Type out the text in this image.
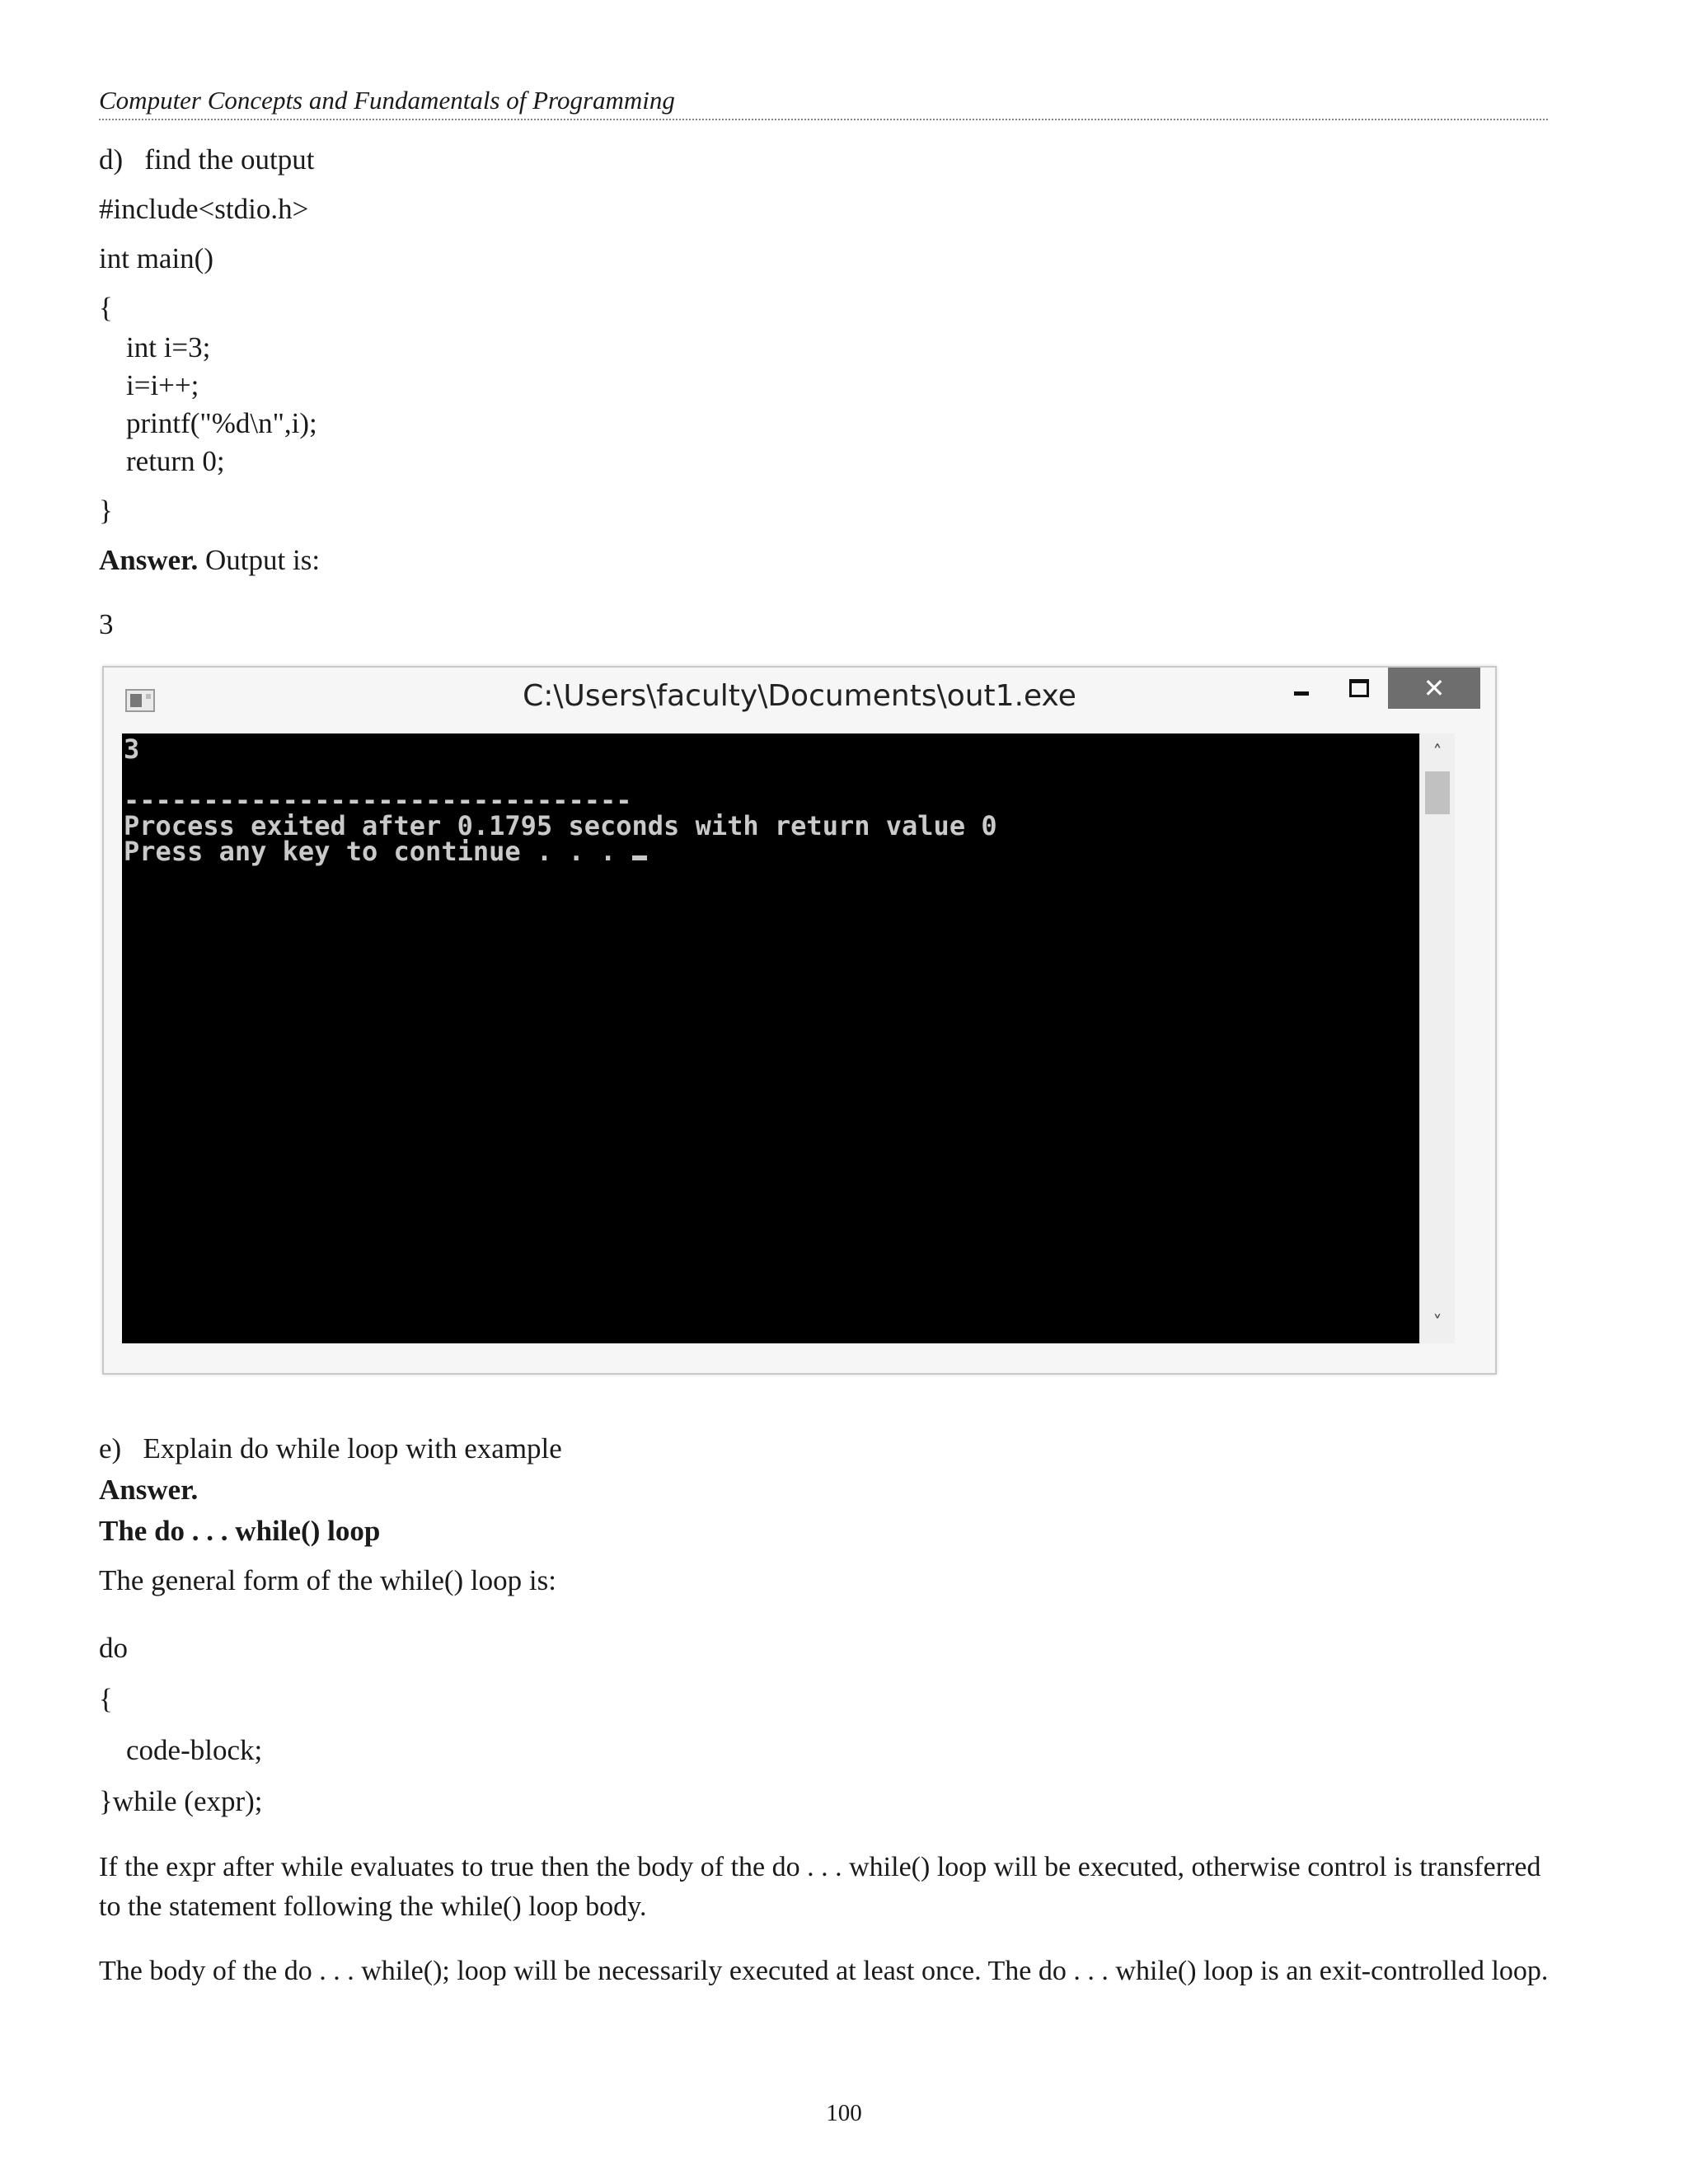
Computer Concepts and Fundamentals of Programming
d)   find the output
#include<stdio.h>
int main()
{
int i=3;
i=i++;
printf("%d\n",i);
return 0;
}
Answer. Output is:
3
C:\Users\faculty\Documents\out1.exe	✕
3
--------------------------------
Process exited after 0.1795 seconds with return value 0
Press any key to continue . . .
˄
˅
e)   Explain do while loop with example
Answer.
The do . . . while() loop
The general form of the while() loop is:
do
{
code-block;
}while (expr);
If the expr after while evaluates to true then the body of the do . . . while() loop will be executed, otherwise control is transferred
to the statement following the while() loop body.
The body of the do . . . while(); loop will be necessarily executed at least once. The do . . . while() loop is an exit-controlled loop.
100
